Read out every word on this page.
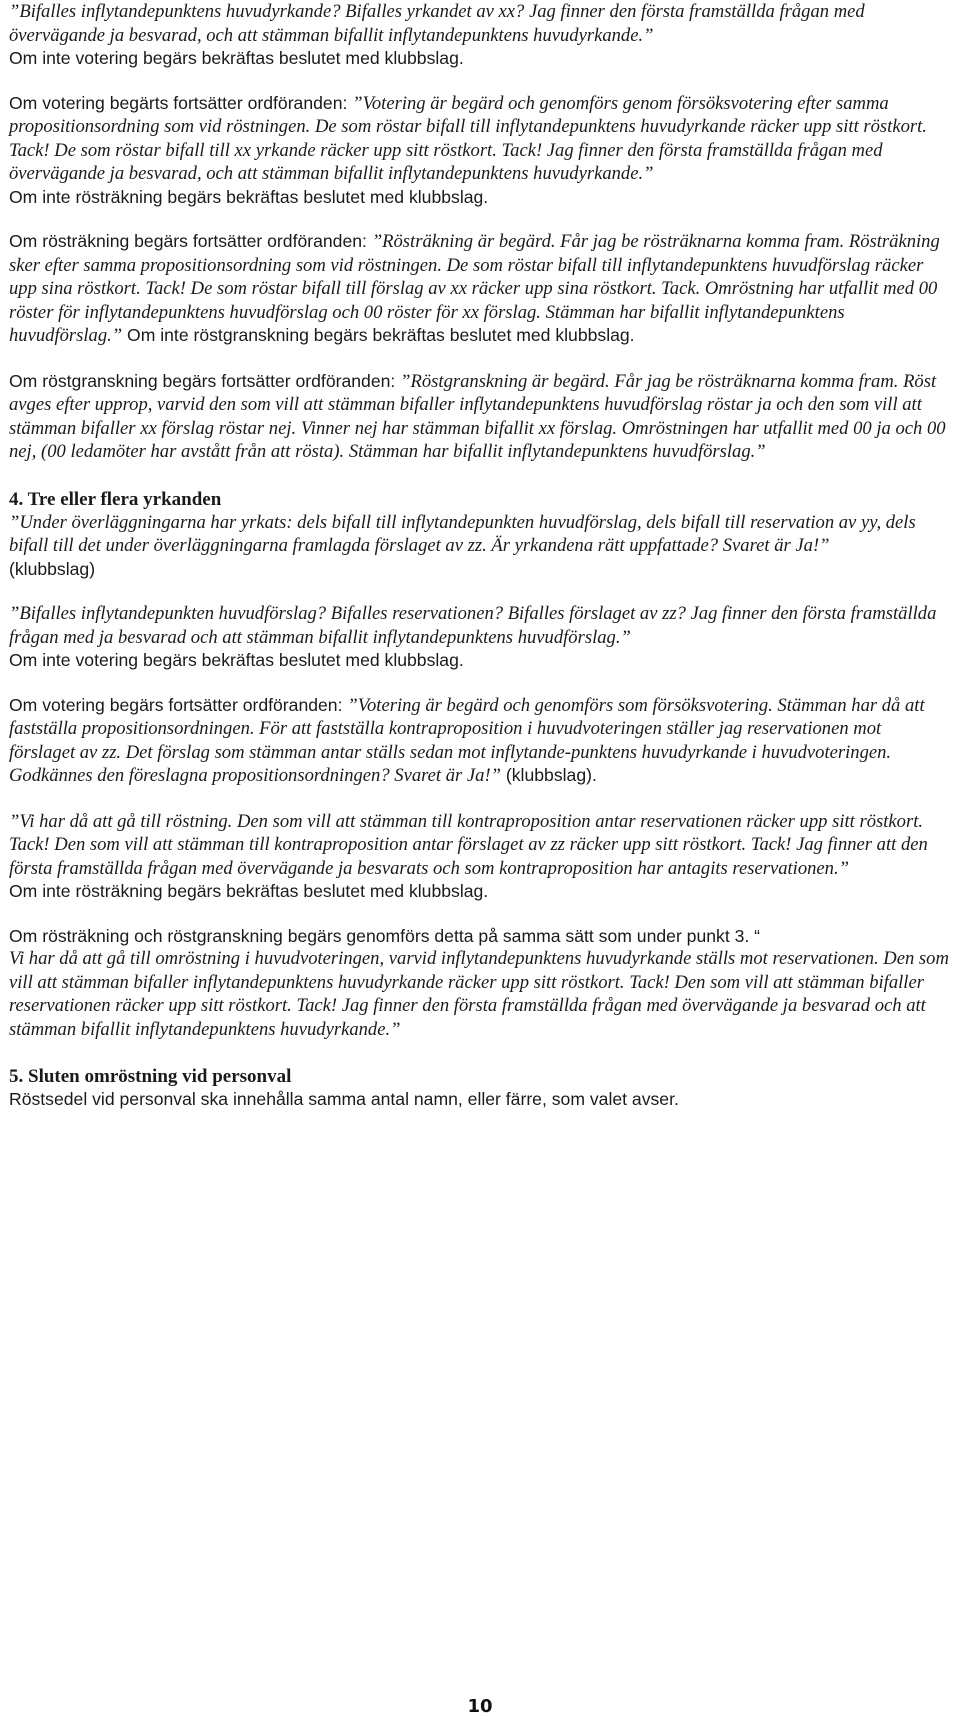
”Bifalles inflytandepunktens huvudyrkande? Bifalles yrkandet av xx? Jag finner den första framställda frågan med övervägande ja besvarad, och att stämman bifallit inflytandepunktens huvudyrkande.”
Om inte votering begärs bekräftas beslutet med klubbslag.

Om votering begärts fortsätter ordföranden: ”Votering är begärd och genomförs genom försöksvotering efter samma propositionsordning som vid röstningen. De som röstar bifall till inflytandepunktens huvudyrkande räcker upp sitt röstkort. Tack! De som röstar bifall till xx yrkande räcker upp sitt röstkort. Tack! Jag finner den första framställda frågan med övervägande ja besvarad, och att stämman bifallit inflytandepunktens huvudyrkande.”
Om inte rösträkning begärs bekräftas beslutet med klubbslag.

Om rösträkning begärs fortsätter ordföranden: ”Rösträkning är begärd. Får jag be rösträknarna komma fram. Rösträkning sker efter samma propositionsordning som vid röstningen. De som röstar bifall till inflytandepunktens huvudförslag räcker upp sina röstkort. Tack! De som röstar bifall till förslag av xx räcker upp sina röstkort. Tack. Omröstning har utfallit med 00 röster för inflytandepunktens huvudförslag och 00 röster för xx förslag. Stämman har bifallit inflytandepunktens huvudförslag.” Om inte röstgranskning begärs bekräftas beslutet med klubbslag.

Om röstgranskning begärs fortsätter ordföranden: ”Röstgranskning är begärd. Får jag be rösträknarna komma fram. Röst avges efter upprop, varvid den som vill att stämman bifaller inflytandepunktens huvudförslag röstar ja och den som vill att stämman bifaller xx förslag röstar nej. Vinner nej har stämman bifallit xx förslag. Omröstningen har utfallit med 00 ja och 00 nej, (00 ledamöter har avstått från att rösta). Stämman har bifallit inflytandepunktens huvudförslag.”

4. Tre eller flera yrkanden

”Under överläggningarna har yrkats: dels bifall till inflytandepunkten huvudförslag, dels bifall till reservation av yy, dels bifall till det under överläggningarna framlagda förslaget av zz. Är yrkandena rätt uppfattade? Svaret är Ja!”
(klubbslag)

”Bifalles inflytandepunkten huvudförslag? Bifalles reservationen? Bifalles förslaget av zz? Jag finner den första framställda frågan med ja besvarad och att stämman bifallit inflytandepunktens huvudförslag.”
Om inte votering begärs bekräftas beslutet med klubbslag.

Om votering begärs fortsätter ordföranden: ”Votering är begärd och genomförs som försöksvotering. Stämman har då att fastställa propositionsordningen. För att fastställa kontraproposition i huvudvoteringen ställer jag reservationen mot förslaget av zz. Det förslag som stämman antar ställs sedan mot inflytande-punktens huvudyrkande i huvudvoteringen. Godkännes den föreslagna propositionsordningen? Svaret är Ja!” (klubbslag).

”Vi har då att gå till röstning. Den som vill att stämman till kontraproposition antar reservationen räcker upp sitt röstkort. Tack! Den som vill att stämman till kontraproposition antar förslaget av zz räcker upp sitt röstkort. Tack! Jag finner att den första framställda frågan med övervägande ja besvarats och som kontraproposition har antagits reservationen.”
Om inte rösträkning begärs bekräftas beslutet med klubbslag.

Om rösträkning och röstgranskning begärs genomförs detta på samma sätt som under punkt 3. “
Vi har då att gå till omröstning i huvudvoteringen, varvid inflytandepunktens huvudyrkande ställs mot reservationen. Den som vill att stämman bifaller inflytandepunktens huvudyrkande räcker upp sitt röstkort. Tack! Den som vill att stämman bifaller reservationen räcker upp sitt röstkort. Tack! Jag finner den första framställda frågan med övervägande ja besvarad och att stämman bifallit inflytandepunktens huvudyrkande.”

5. Sluten omröstning vid personval

Röstsedel vid personval ska innehålla samma antal namn, eller färre, som valet avser.

10
